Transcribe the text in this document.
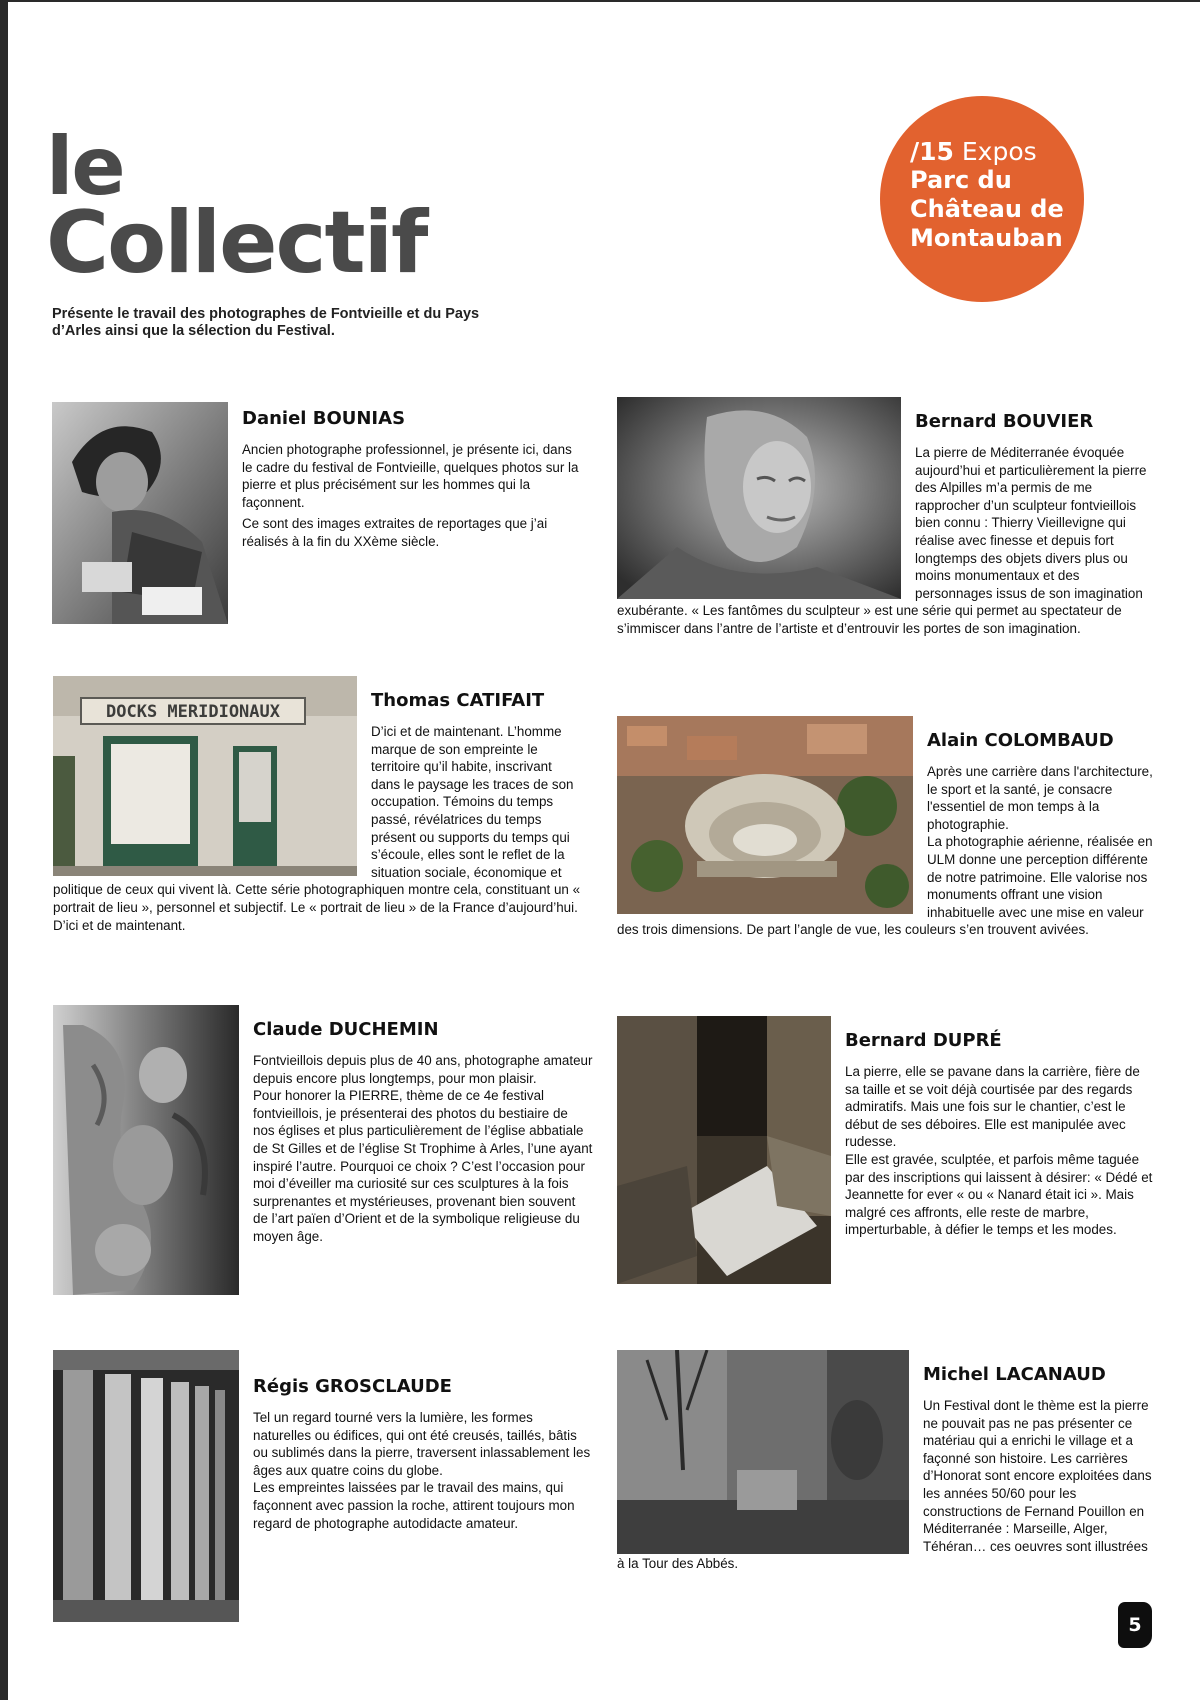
le
Collectif
Présente le travail des photographes de Fontvieille et du Pays d’Arles ainsi que la sélection du Festival.
/15 Expos
Parc du Château de Montauban
Daniel BOUNIAS

Ancien photographe professionnel, je présente ici, dans le cadre du festival de Fontvieille, quelques photos sur la pierre et plus précisément sur les hommes qui la façonnent.

Ce sont des images extraites de reportages que j’ai réalisés à la fin du XXème siècle.

Bernard BOUVIER

La pierre de Méditerranée évoquée aujourd’hui et particulièrement la pierre des Alpilles m’a permis de me rapprocher d’un sculpteur fontvieillois bien connu : Thierry Vieillevigne qui réalise avec finesse et depuis fort longtemps des objets divers plus ou moins monumentaux et des personnages issus de son imagination exubérante. « Les fantômes du sculpteur » est une série qui permet au spectateur de s’immiscer dans l’antre de l’artiste et d’entrouvir les portes de son imagination.

DOCKS MERIDIONAUX
Thomas CATIFAIT

D’ici et de maintenant. L’homme marque de son empreinte le territoire qu’il habite, inscrivant dans le paysage les traces de son occupation. Témoins du temps passé, révélatrices du temps présent ou supports du temps qui s’écoule, elles sont le reflet de la situation sociale, économique et politique de ceux qui vivent là. Cette série photographiquen montre cela, constituant un « portrait de lieu », personnel et subjectif. Le « portrait de lieu » de la France d’aujourd’hui. D’ici et de maintenant.

Alain COLOMBAUD

Après une carrière dans l'architecture, le sport et la santé, je consacre l'essentiel de mon temps à la photographie.

La photographie aérienne, réalisée en ULM donne une perception différente de notre patrimoine. Elle valorise nos monuments offrant une vision inhabituelle avec une mise en valeur des trois dimensions. De part l’angle de vue, les couleurs s’en trouvent avivées.

Claude DUCHEMIN

Fontvieillois depuis plus de 40 ans, photographe amateur depuis encore plus longtemps, pour mon plaisir.

Pour honorer la PIERRE, thème de ce 4e festival fontvieillois, je présenterai des photos du bestiaire de nos églises et plus particulièrement de l’église abbatiale de St Gilles et de l’église St Trophime à Arles, l’une ayant inspiré l’autre. Pourquoi ce choix ? C’est l’occasion pour moi d’éveiller ma curiosité sur ces sculptures à la fois surprenantes et mystérieuses, provenant bien souvent de l’art païen d’Orient et de la symbolique religieuse du moyen âge.

Bernard DUPRÉ

La pierre, elle se pavane dans la carrière, fière de sa taille et se voit déjà courtisée par des regards admiratifs. Mais une fois sur le chantier, c’est le début de ses déboires. Elle est manipulée avec rudesse.

Elle est gravée, sculptée, et parfois même taguée par des inscriptions qui laissent à désirer: « Dédé et Jeannette for ever « ou « Nanard était ici ». Mais malgré ces affronts, elle reste de marbre, imperturbable, à défier le temps et les modes.

Régis GROSCLAUDE

Tel un regard tourné vers la lumière, les formes naturelles ou édifices, qui ont été creusés, taillés, bâtis ou sublimés dans la pierre, traversent inlassablement les âges aux quatre coins du globe.

Les empreintes laissées par le travail des mains, qui façonnent avec passion la roche, attirent toujours mon regard de photographe autodidacte amateur.

Michel LACANAUD

Un Festival dont le thème est la pierre ne pouvait pas ne pas présenter ce matériau qui a enrichi le village et a façonné son histoire. Les carrières d’Honorat sont encore exploitées dans les années 50/60 pour les constructions de Fernand Pouillon en Méditerranée : Marseille, Alger, Téhéran… ces oeuvres sont illustrées à la Tour des Abbés.

5
